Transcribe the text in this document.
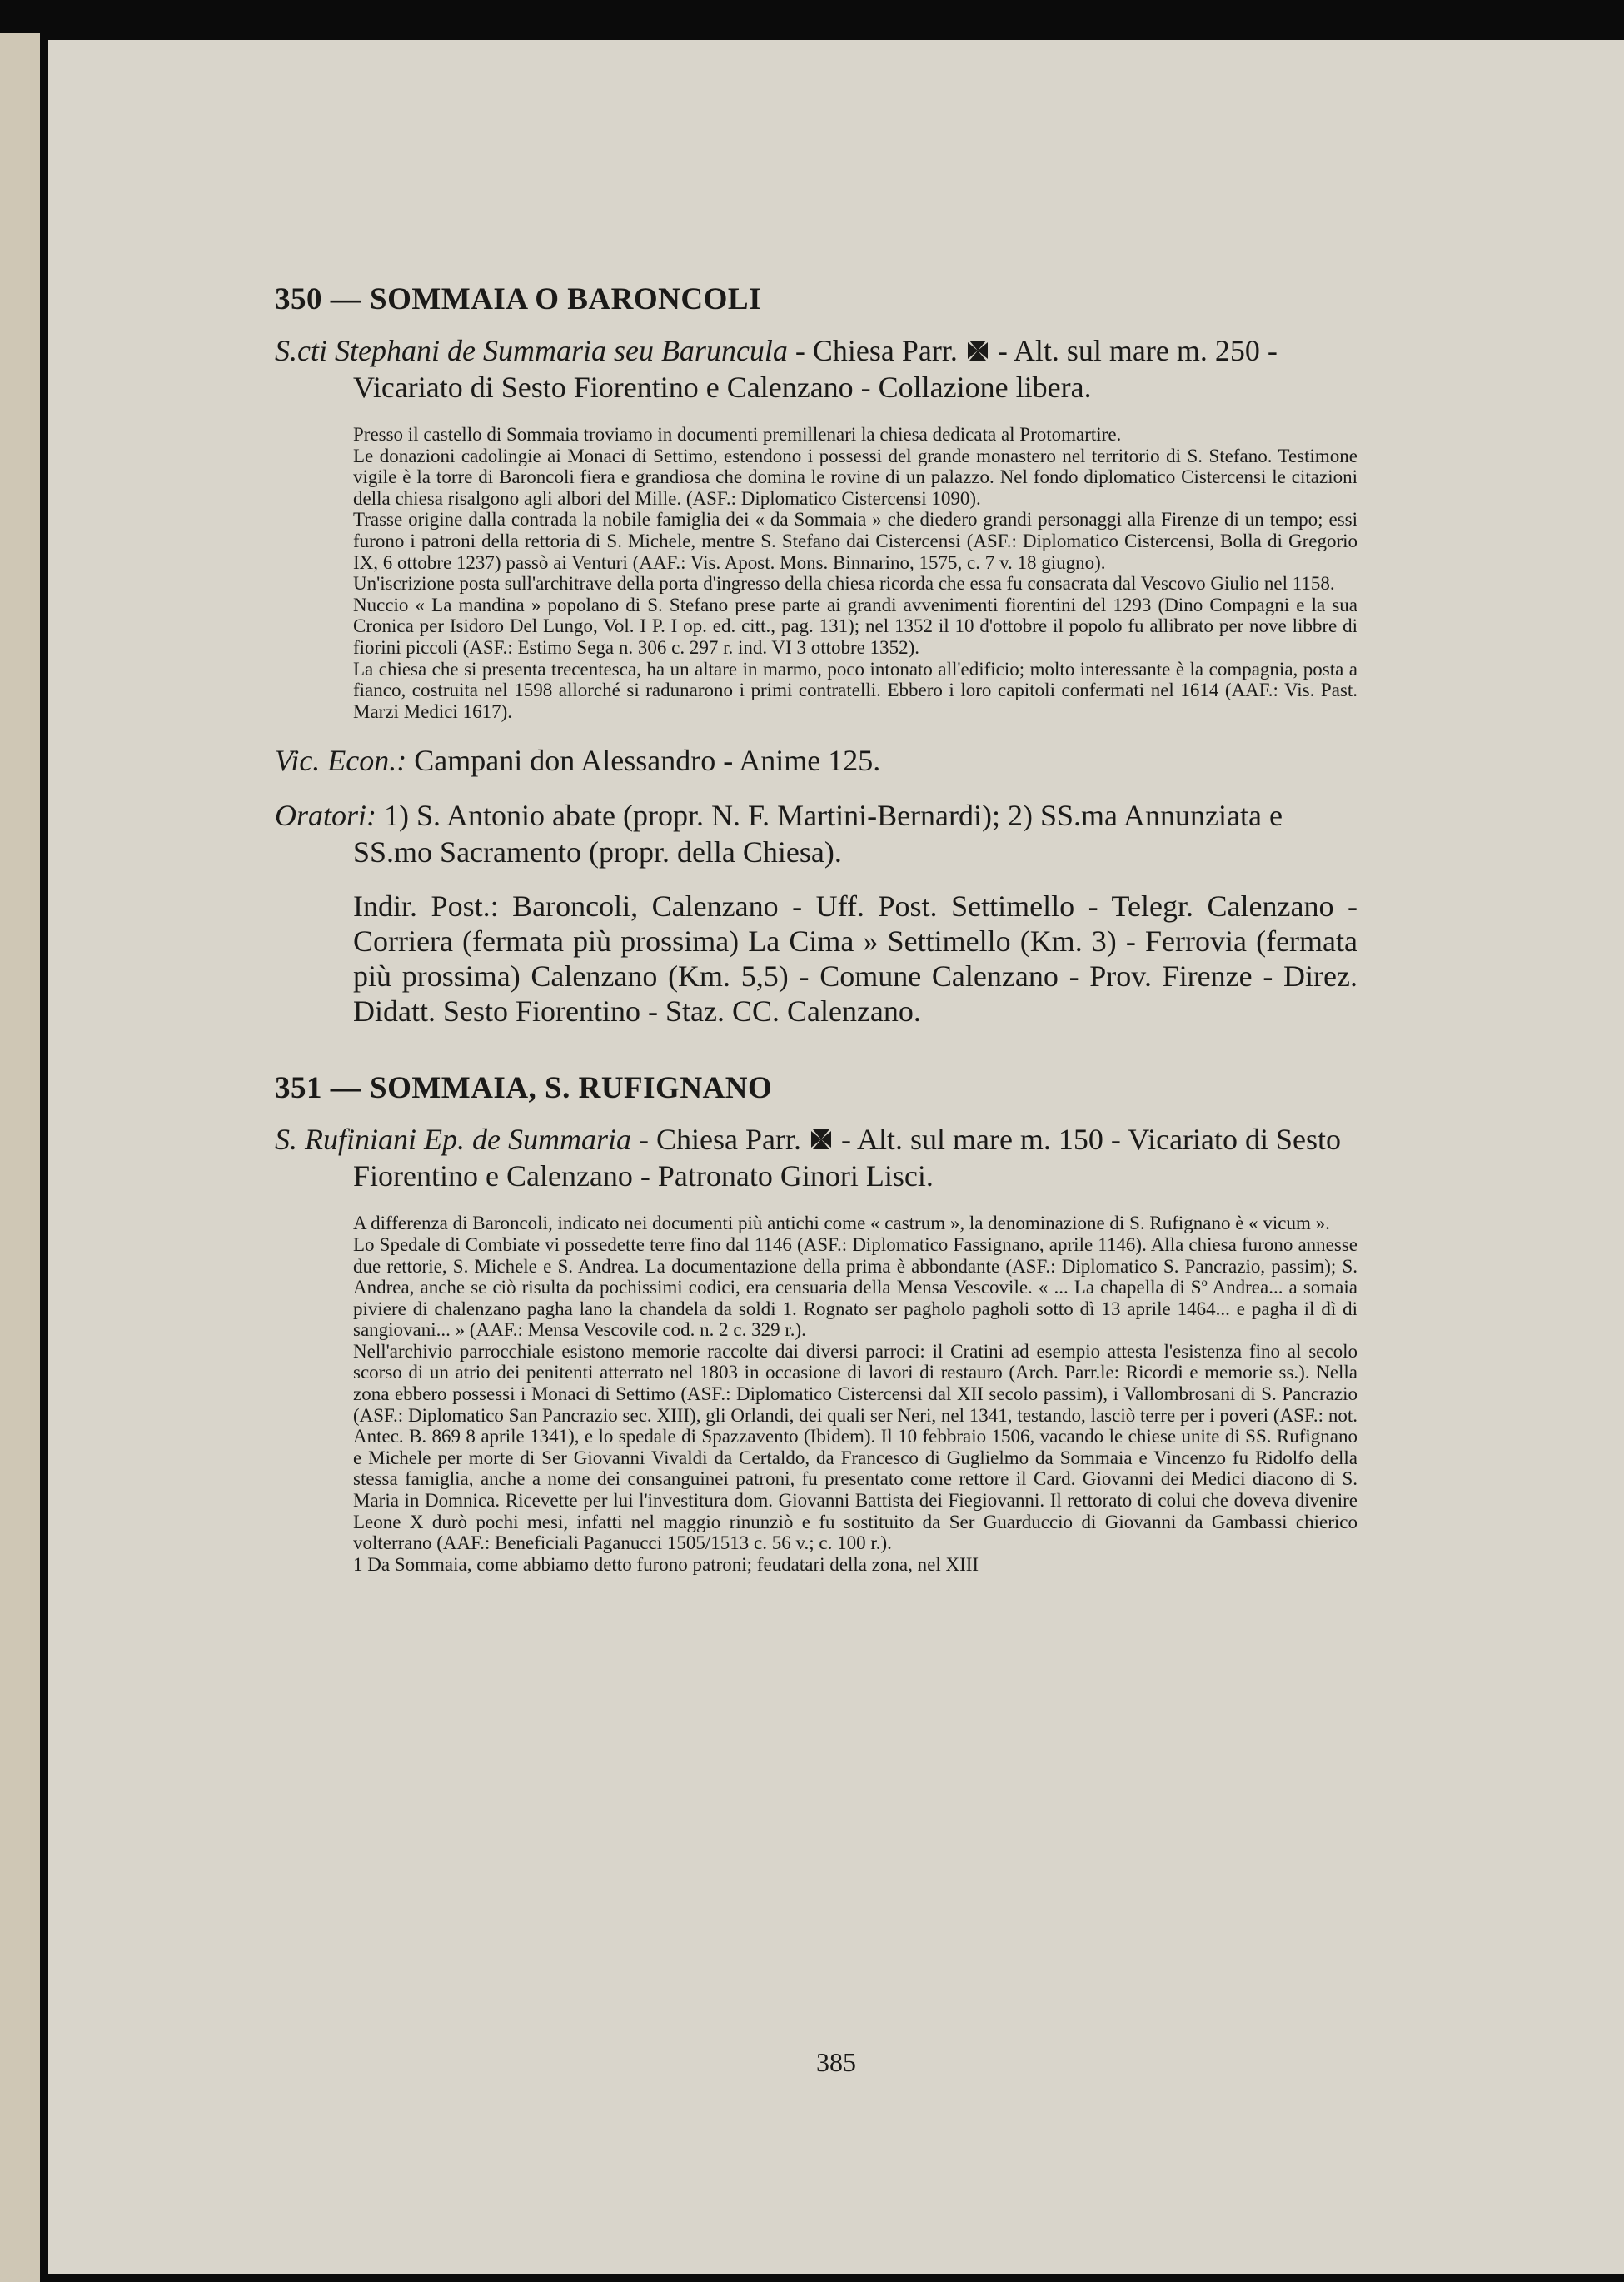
350 — SOMMAIA O BARONCOLI
S.cti Stephani de Summaria seu Baruncula - Chiesa Parr.  - Alt. sul mare m. 250 - Vicariato di Sesto Fiorentino e Calenzano - Collazione libera.

Presso il castello di Sommaia troviamo in documenti premillenari la chiesa dedicata al Protomartire.

Le donazioni cadolingie ai Monaci di Settimo, estendono i possessi del grande monastero nel territorio di S. Stefano. Testimone vigile è la torre di Baroncoli fiera e grandiosa che domina le rovine di un palazzo. Nel fondo diplomatico Cistercensi le citazioni della chiesa risalgono agli albori del Mille. (ASF.: Diplomatico Cistercensi 1090).

Trasse origine dalla contrada la nobile famiglia dei « da Sommaia » che diedero grandi personaggi alla Firenze di un tempo; essi furono i patroni della rettoria di S. Michele, mentre S. Stefano dai Cistercensi (ASF.: Diplomatico Cistercensi, Bolla di Gregorio IX, 6 ottobre 1237) passò ai Venturi (AAF.: Vis. Apost. Mons. Binnarino, 1575, c. 7 v. 18 giugno).

Un'iscrizione posta sull'architrave della porta d'ingresso della chiesa ricorda che essa fu consacrata dal Vescovo Giulio nel 1158.

Nuccio « La mandina » popolano di S. Stefano prese parte ai grandi avvenimenti fiorentini del 1293 (Dino Compagni e la sua Cronica per Isidoro Del Lungo, Vol. I P. I op. ed. citt., pag. 131); nel 1352 il 10 d'ottobre il popolo fu allibrato per nove libbre di fiorini piccoli (ASF.: Estimo Sega n. 306 c. 297 r. ind. VI 3 ottobre 1352).

La chiesa che si presenta trecentesca, ha un altare in marmo, poco intonato all'edificio; molto interessante è la compagnia, posta a fianco, costruita nel 1598 allorché si radunarono i primi contratelli. Ebbero i loro capitoli confermati nel 1614 (AAF.: Vis. Past. Marzi Medici 1617).

Vic. Econ.: Campani don Alessandro - Anime 125.
Oratori: 1) S. Antonio abate (propr. N. F. Martini-Bernardi); 2) SS.ma Annunziata e SS.mo Sacramento (propr. della Chiesa).
Indir. Post.: Baroncoli, Calenzano - Uff. Post. Settimello - Telegr. Calenzano - Corriera (fermata più prossima) La Cima » Settimello (Km. 3) - Ferrovia (fermata più prossima) Calenzano (Km. 5,5) - Comune Calenzano - Prov. Firenze - Direz. Didatt. Sesto Fiorentino - Staz. CC. Calenzano.
351 — SOMMAIA, S. RUFIGNANO
S. Rufiniani Ep. de Summaria - Chiesa Parr.  - Alt. sul mare m. 150 - Vicariato di Sesto Fiorentino e Calenzano - Patronato Ginori Lisci.

A differenza di Baroncoli, indicato nei documenti più antichi come « castrum », la denominazione di S. Rufignano è « vicum ».

Lo Spedale di Combiate vi possedette terre fino dal 1146 (ASF.: Diplomatico Fassignano, aprile 1146). Alla chiesa furono annesse due rettorie, S. Michele e S. Andrea. La documentazione della prima è abbondante (ASF.: Diplomatico S. Pancrazio, passim); S. Andrea, anche se ciò risulta da pochissimi codici, era censuaria della Mensa Vescovile. « ... La chapella di Sº Andrea... a somaia piviere di chalenzano pagha lano la chandela da soldi 1. Rognato ser pagholo pagholi sotto dì 13 aprile 1464... e pagha il dì di sangiovani... » (AAF.: Mensa Vescovile cod. n. 2 c. 329 r.).

Nell'archivio parrocchiale esistono memorie raccolte dai diversi parroci: il Cratini ad esempio attesta l'esistenza fino al secolo scorso di un atrio dei penitenti atterrato nel 1803 in occasione di lavori di restauro (Arch. Parr.le: Ricordi e memorie ss.). Nella zona ebbero possessi i Monaci di Settimo (ASF.: Diplomatico Cistercensi dal XII secolo passim), i Vallombrosani di S. Pancrazio (ASF.: Diplomatico San Pancrazio sec. XIII), gli Orlandi, dei quali ser Neri, nel 1341, testando, lasciò terre per i poveri (ASF.: not. Antec. B. 869 8 aprile 1341), e lo spedale di Spazzavento (Ibidem). Il 10 febbraio 1506, vacando le chiese unite di SS. Rufignano e Michele per morte di Ser Giovanni Vivaldi da Certaldo, da Francesco di Guglielmo da Sommaia e Vincenzo fu Ridolfo della stessa famiglia, anche a nome dei consanguinei patroni, fu presentato come rettore il Card. Giovanni dei Medici diacono di S. Maria in Domnica. Ricevette per lui l'investitura dom. Giovanni Battista dei Fiegiovanni. Il rettorato di colui che doveva divenire Leone X durò pochi mesi, infatti nel maggio rinunziò e fu sostituito da Ser Guarduccio di Giovanni da Gambassi chierico volterrano (AAF.: Beneficiali Paganucci 1505/1513 c. 56 v.; c. 100 r.).

1 Da Sommaia, come abbiamo detto furono patroni; feudatari della zona, nel XIII

385
